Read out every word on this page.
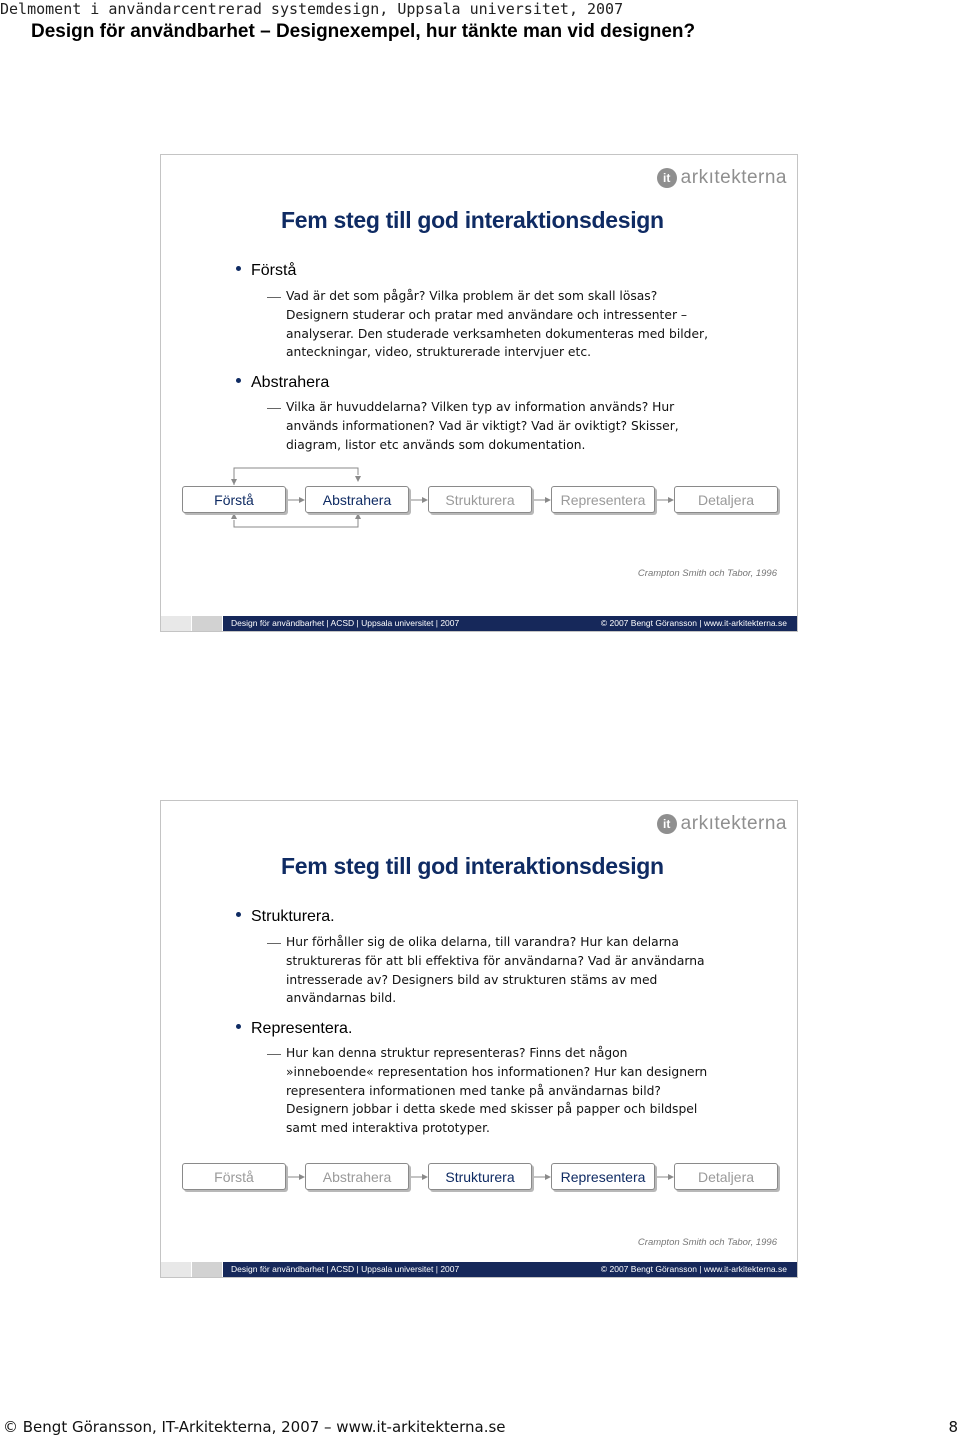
Delmoment i användarcentrerad systemdesign, Uppsala universitet, 2007
Design för användbarhet – Designexempel, hur tänkte man vid designen?
it arkıtekterna
Fem steg till god interaktionsdesign
Förstå
Vad är det som pågår? Vilka problem är det som skall lösas?
Designern studerar och pratar med användare och intressenter –
analyserar. Den studerade verksamheten dokumenteras med bilder,
anteckningar, video, strukturerade intervjuer etc.
Abstrahera
Vilka är huvuddelarna? Vilken typ av information används? Hur
används informationen? Vad är viktigt? Vad är oviktigt? Skisser,
diagram, listor etc används som dokumentation.
Förstå	Abstrahera	Strukturera	Representera	Detaljera
Crampton Smith och Tabor, 1996
Design för användbarhet | ACSD | Uppsala universitet | 2007	© 2007 Bengt Göransson | www.it-arkitekterna.se
it arkıtekterna
Fem steg till god interaktionsdesign
Strukturera.
Hur förhåller sig de olika delarna, till varandra? Hur kan delarna
struktureras för att bli effektiva för användarna? Vad är användarna
intresserade av? Designers bild av strukturen stäms av med
användarnas bild.
Representera.
Hur kan denna struktur representeras? Finns det någon
»inneboende« representation hos informationen? Hur kan designern
representera informationen med tanke på användarnas bild?
Designern jobbar i detta skede med skisser på papper och bildspel
samt med interaktiva prototyper.
Förstå	Abstrahera	Strukturera	Representera	Detaljera
Crampton Smith och Tabor, 1996
Design för användbarhet | ACSD | Uppsala universitet | 2007	© 2007 Bengt Göransson | www.it-arkitekterna.se
© Bengt Göransson, IT-Arkitekterna, 2007 – www.it-arkitekterna.se	8
